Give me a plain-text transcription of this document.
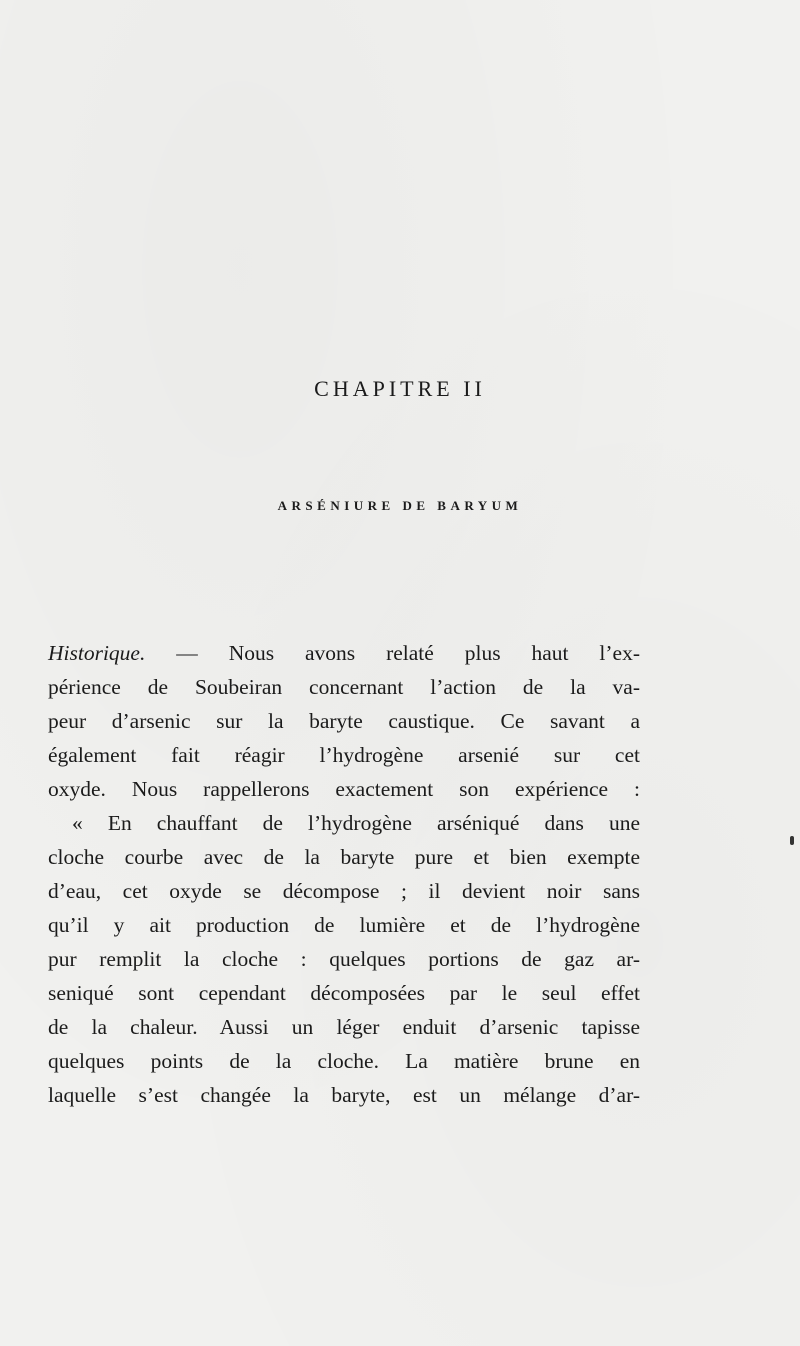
CHAPITRE II
ARSÉNIURE DE BARYUM
Historique. — Nous avons relaté plus haut l’ex-
périence de Soubeiran concernant l’action de la va-
peur d’arsenic sur la baryte caustique. Ce savant a
également fait réagir l’hydrogène arsenié sur cet
oxyde. Nous rappellerons exactement son expérience :
« En chauffant de l’hydrogène arséniqué dans une
cloche courbe avec de la baryte pure et bien exempte
d’eau, cet oxyde se décompose ; il devient noir sans
qu’il y ait production de lumière et de l’hydrogène
pur remplit la cloche : quelques portions de gaz ar-
seniqué sont cependant décomposées par le seul effet
de la chaleur. Aussi un léger enduit d’arsenic tapisse
quelques points de la cloche. La matière brune en
laquelle s’est changée la baryte, est un mélange d’ar-
